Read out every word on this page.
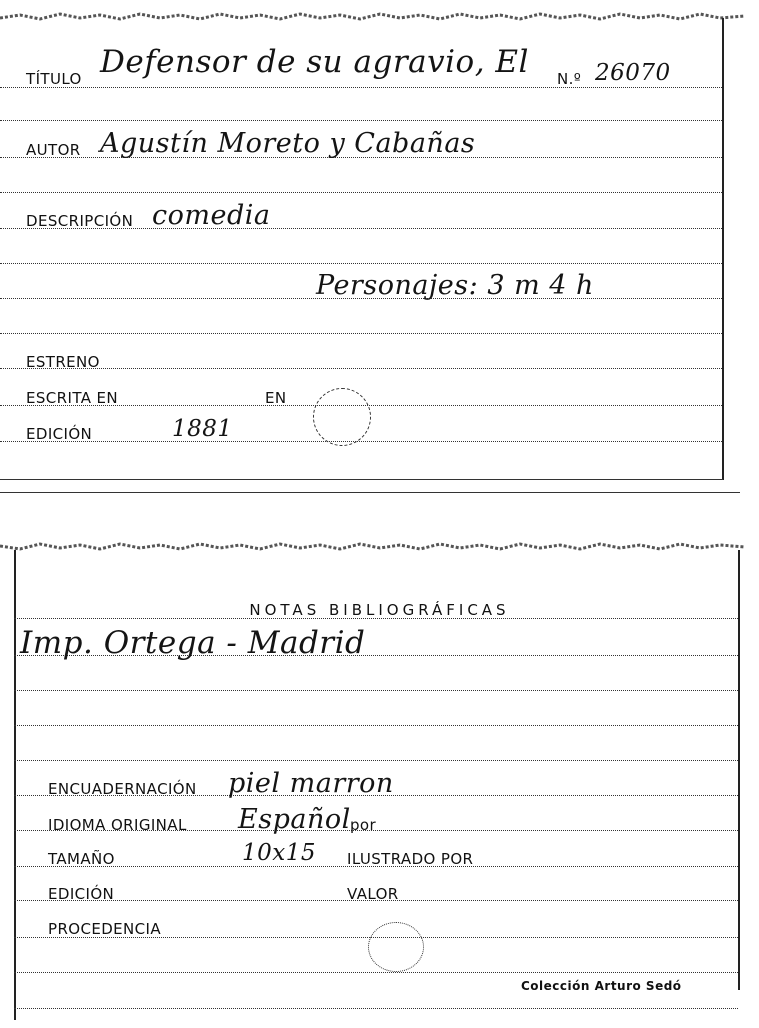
TÍTULO Defensor de su agravio, El N.º 26070
AUTOR Agustín Moreto y Cabañas
DESCRIPCIÓN comedia
Personajes: 3 m 4 h
ESTRENO
ESCRITA EN	EN
EDICIÓN	1881
NOTAS BIBLIOGRÁFICAS
Imp. Ortega - Madrid
ENCUADERNACIÓN piel marron
IDIOMA ORIGINAL Español por
TAMAÑO	10x15 ILUSTRADO POR
EDICIÓN	VALOR
PROCEDENCIA
Colección Arturo Sedó
